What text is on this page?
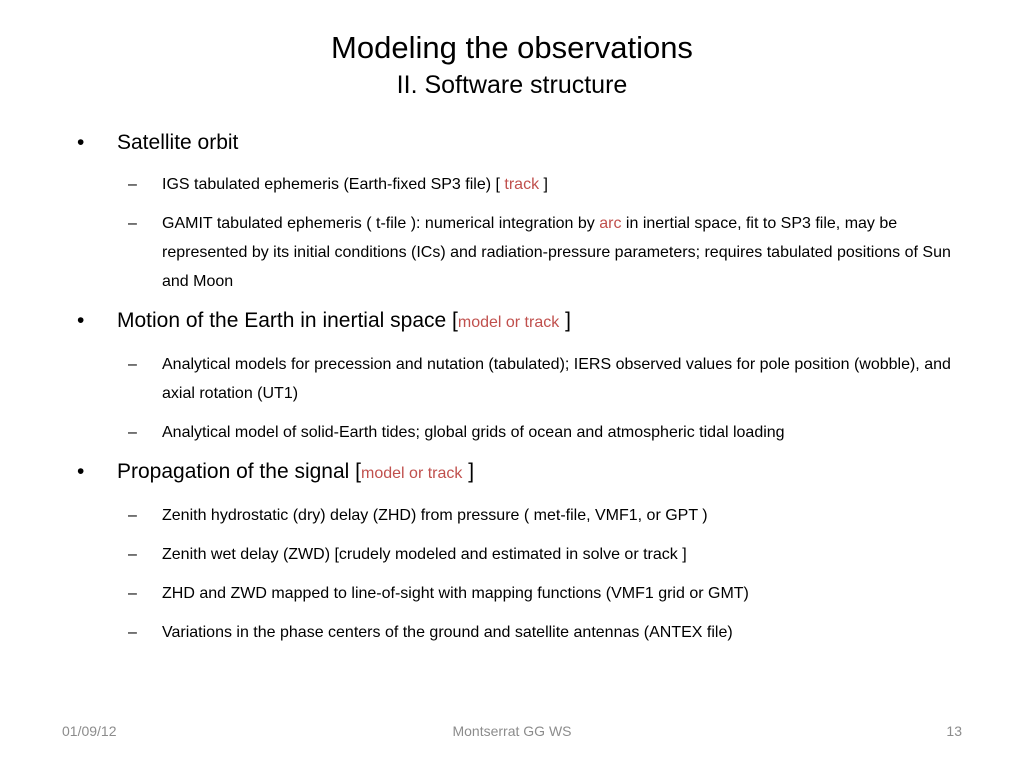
Modeling the observations
II. Software structure
• Satellite orbit
– IGS tabulated ephemeris (Earth-fixed SP3 file) [ track ]
– GAMIT tabulated ephemeris ( t-file ): numerical integration by arc in inertial space, fit to SP3 file, may be represented by its initial conditions (ICs) and radiation-pressure parameters; requires tabulated positions of Sun and Moon
• Motion of the Earth in inertial space [model or track ]
– Analytical models for precession and nutation (tabulated); IERS observed values for pole position (wobble), and axial rotation (UT1)
– Analytical model of solid-Earth tides; global grids of ocean and atmospheric tidal loading
• Propagation of the signal [model or track ]
– Zenith hydrostatic (dry) delay (ZHD) from pressure ( met-file, VMF1, or GPT )
– Zenith wet delay (ZWD) [crudely modeled and estimated in solve or track ]
– ZHD and ZWD mapped to line-of-sight with mapping functions (VMF1 grid or GMT)
– Variations in the phase centers of the ground and satellite antennas (ANTEX file)
01/09/12	Montserrat GG WS	13
